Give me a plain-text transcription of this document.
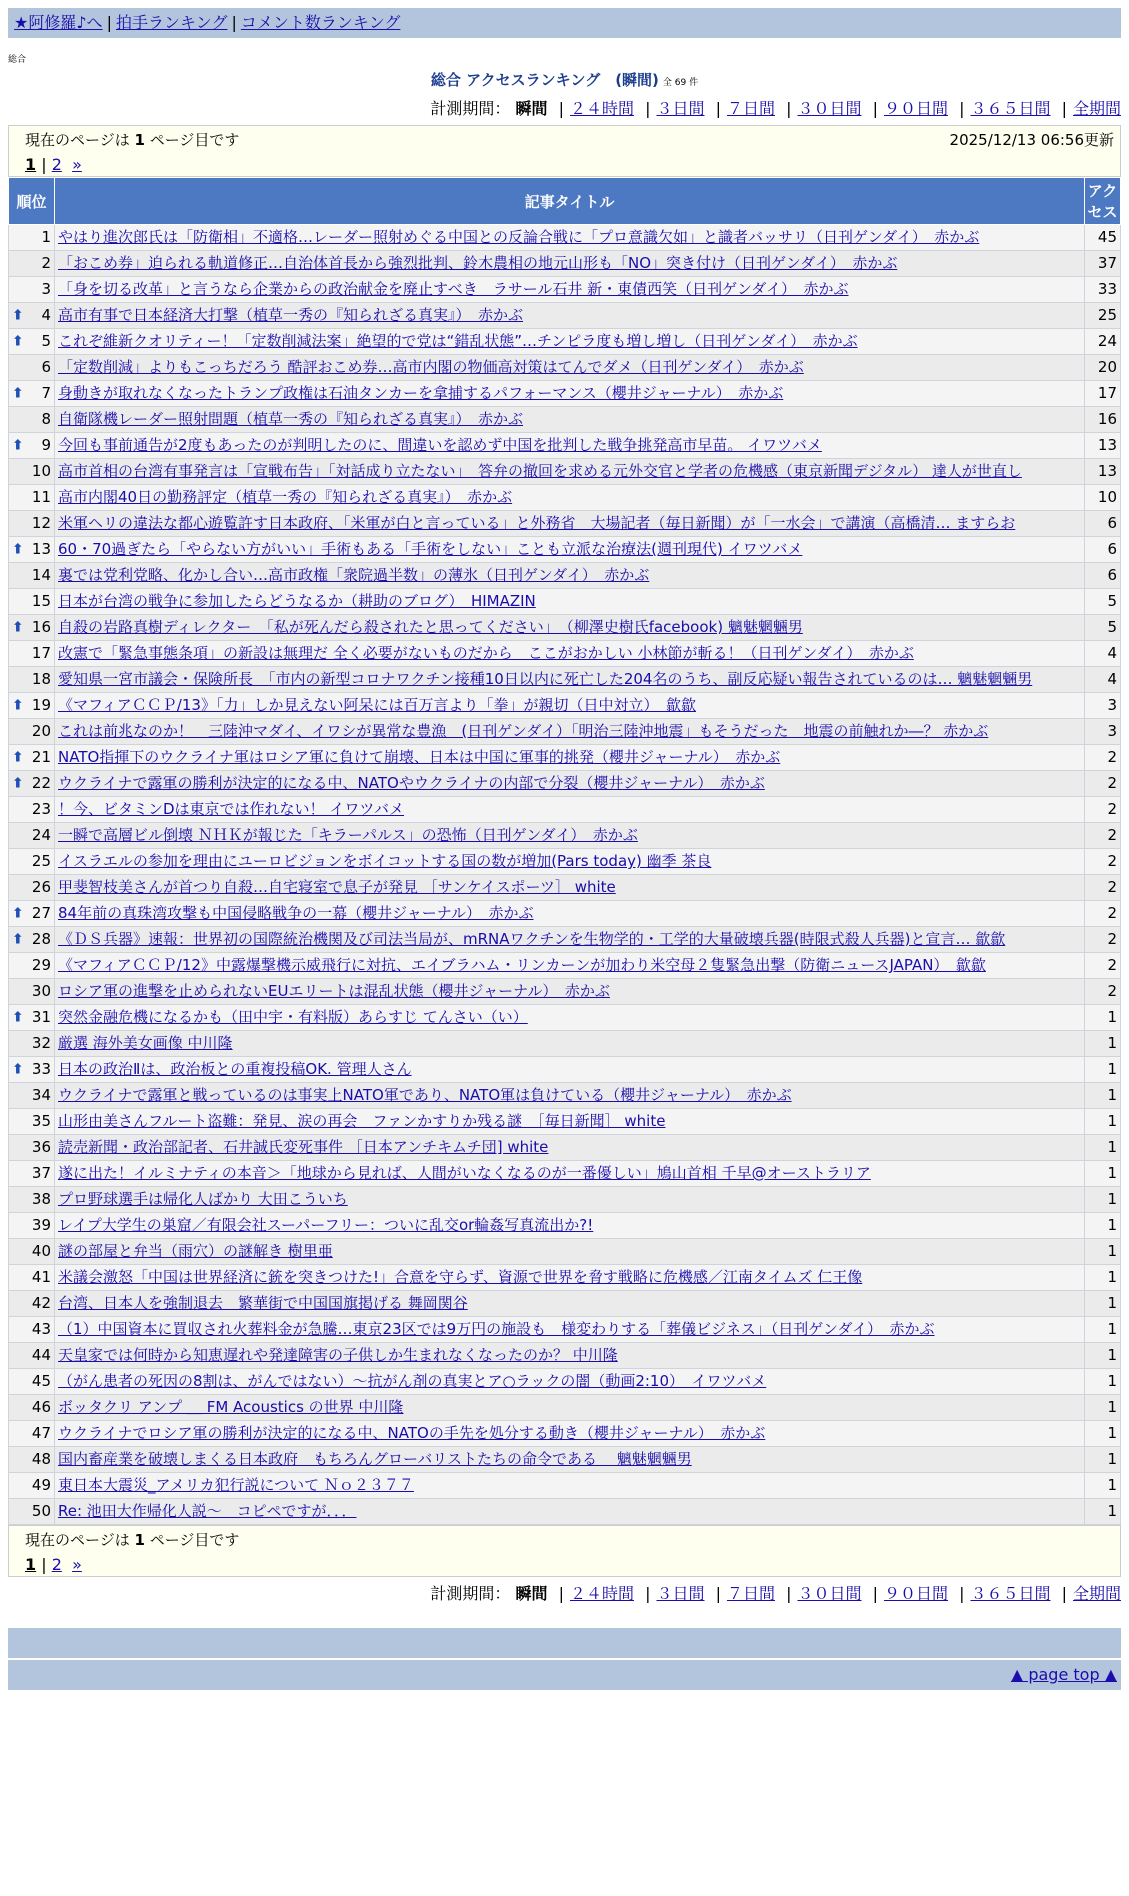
★阿修羅♪へ | 拍手ランキング | コメント数ランキング
総合
総合 アクセスランキング　(瞬間) 全 69 件
計測期間： 瞬間 | ２４時間 | ３日間 | ７日間 | ３０日間 | ９０日間 | ３６５日間 | 全期間
現在のページは 1 ページ目です	2025/12/13 06:56更新
1 | 2 »
順位	記事タイトル	アクセス
1	やはり進次郎氏は「防衛相」不適格…レーダー照射めぐる中国との反論合戦に「プロ意識欠如」と識者バッサリ（日刊ゲンダイ）　赤かぶ	45
2	「おこめ券」迫られる軌道修正…自治体首長から強烈批判、鈴木農相の地元山形も「NO」突き付け（日刊ゲンダイ）　赤かぶ	37
3	「身を切る改革」と言うなら企業からの政治献金を廃止すべき　ラサール石井 新・東債西笑（日刊ゲンダイ）　赤かぶ	33

⬆ 4	高市有事で日本経済大打撃（植草一秀の『知られざる真実』）　赤かぶ	25

⬆ 5	これぞ維新クオリティー！「定数削減法案」絶望的で党は“錯乱状態”…チンピラ度も増し増し（日刊ゲンダイ）　赤かぶ	24
6	「定数削減」よりもこっちだろう 酷評おこめ券…高市内閣の物価高対策はてんでダメ（日刊ゲンダイ）　赤かぶ	20

⬆ 7	身動きが取れなくなったトランプ政権は石油タンカーを拿捕するパフォーマンス（櫻井ジャーナル）　赤かぶ	17
8	自衛隊機レーダー照射問題（植草一秀の『知られざる真実』）　赤かぶ	16

⬆ 9	今回も事前通告が2度もあったのが判明したのに、間違いを認めず中国を批判した戦争挑発高市早苗。 イワツバメ	13
10	高市首相の台湾有事発言は「宣戦布告」「対話成り立たない」　答弁の撤回を求める元外交官と学者の危機感（東京新聞デジタル） 達人が世直し	13
11	高市内閣40日の勤務評定（植草一秀の『知られざる真実』）　赤かぶ	10
12	米軍ヘリの違法な都心遊覧許す日本政府、「米軍が白と言っている」と外務省　大場記者（毎日新聞）が「一水会」で講演（高橋清… ますらお	6

⬆ 13	60・70過ぎたら「やらない方がいい」手術もある「手術をしない」ことも立派な治療法(週刊現代) イワツバメ	6
14	裏では党利党略、化かし合い…高市政権「衆院過半数」の薄氷（日刊ゲンダイ）　赤かぶ	6
15	日本が台湾の戦争に参加したらどうなるか（耕助のブログ）　HIMAZIN	5

⬆ 16	自殺の岩路真樹ディレクター　「私が死んだら殺されたと思ってください」　（柳澤史樹氏facebook) 魑魅魍魎男	5
17	改憲で「緊急事態条項」の新設は無理だ 全く必要がないものだから　ここがおかしい 小林節が斬る！（日刊ゲンダイ）　赤かぶ	4
18	愛知県一宮市議会・保険所長　「市内の新型コロナワクチン接種10日以内に死亡した204名のうち、副反応疑い報告されているのは… 魑魅魍魎男	4

⬆ 19	《マフィアＣＣＰ/13》「力」しか見えない阿呆には百万言より「拳」が親切（日中対立）　歙歙	3
20	これは前兆なのか！　三陸沖マダイ、イワシが異常な豊漁　(日刊ゲンダイ）「明治三陸沖地震」もそうだった　地震の前触れか―？ 赤かぶ	3

⬆ 21	NATO指揮下のウクライナ軍はロシア軍に負けて崩壊、日本は中国に軍事的挑発（櫻井ジャーナル）　赤かぶ	2

⬆ 22	ウクライナで露軍の勝利が決定的になる中、NATOやウクライナの内部で分裂（櫻井ジャーナル）　赤かぶ	2
23	！今、ビタミンDは東京では作れない！ イワツバメ	2
24	一瞬で高層ビル倒壊 ＮＨＫが報じた「キラーパルス」の恐怖（日刊ゲンダイ）　赤かぶ	2
25	イスラエルの参加を理由にユーロビジョンをボイコットする国の数が増加(Pars today) 幽季 茶良	2
26	甲斐智枝美さんが首つり自殺…自宅寝室で息子が発見 ［サンケイスポーツ］ white	2

⬆ 27	84年前の真珠湾攻撃も中国侵略戦争の一幕（櫻井ジャーナル）　赤かぶ	2

⬆ 28	《ＤＳ兵器》速報：世界初の国際統治機関及び司法当局が、mRNAワクチンを生物学的・工学的大量破壊兵器(時限式殺人兵器)と宣言… 歙歙	2
29	《マフィアＣＣＰ/12》中露爆撃機示威飛行に対抗、エイブラハム・リンカーンが加わり米空母２隻緊急出撃（防衛ニュースJAPAN）　歙歙	2
30	ロシア軍の進撃を止められないEUエリートは混乱状態（櫻井ジャーナル）　赤かぶ	2

⬆ 31	突然金融危機になるかも（田中宇・有料版）あらすじ てんさい（い）	1
32	厳選 海外美女画像 中川隆	1

⬆ 33	日本の政治Ⅱは、政治板との重複投稿OK. 管理人さん	1
34	ウクライナで露軍と戦っているのは事実上NATO軍であり、NATO軍は負けている（櫻井ジャーナル）　赤かぶ	1
35	山形由美さんフルート盗難：発見、涙の再会　ファンかすりか残る謎　［毎日新聞］ white	1
36	読売新聞・政治部記者、石井誠氏変死事件 ［日本アンチキムチ団] white	1
37	遂に出た！イルミナティの本音＞「地球から見れば、人間がいなくなるのが一番優しい」鳩山首相 千早@オーストラリア	1
38	プロ野球選手は帰化人ばかり 大田こういち	1
39	レイプ大学生の巣窟／有限会社スーパーフリー：ついに乱交or輪姦写真流出か?!	1
40	謎の部屋と弁当（雨穴）の謎解き 樹里亜	1
41	米議会激怒「中国は世界経済に銃を突きつけた!」合意を守らず、資源で世界を脅す戦略に危機感／江南タイムズ 仁王像	1
42	台湾、日本人を強制退去　繁華街で中国国旗掲げる 舞岡関谷	1
43	（1）中国資本に買収され火葬料金が急騰…東京23区では9万円の施設も　様変わりする「葬儀ビジネス」（日刊ゲンダイ）　赤かぶ	1
44	天皇家では何時から知恵遅れや発達障害の子供しか生まれなくなったのか？ 中川隆	1
45	（がん患者の死因の8割は、がんではない）～抗がん剤の真実とア○ラックの闇（動画2:10）　イワツバメ	1
46	ボッタクリ アンプ ＿ FM Acoustics の世界 中川隆	1
47	ウクライナでロシア軍の勝利が決定的になる中、NATOの手先を処分する動き（櫻井ジャーナル）　赤かぶ	1
48	国内畜産業を破壊しまくる日本政府　もちろんグローバリストたちの命令である　 魑魅魍魎男	1
49	東日本大震災_アメリカ犯行説について Ｎｏ２３７７	1
50	Re: 池田大作帰化人説～　コピペですが．．．	1
現在のページは 1 ページ目です
1 | 2 »
計測期間： 瞬間 | ２４時間 | ３日間 | ７日間 | ３０日間 | ９０日間 | ３６５日間 | 全期間
▲ page top ▲
